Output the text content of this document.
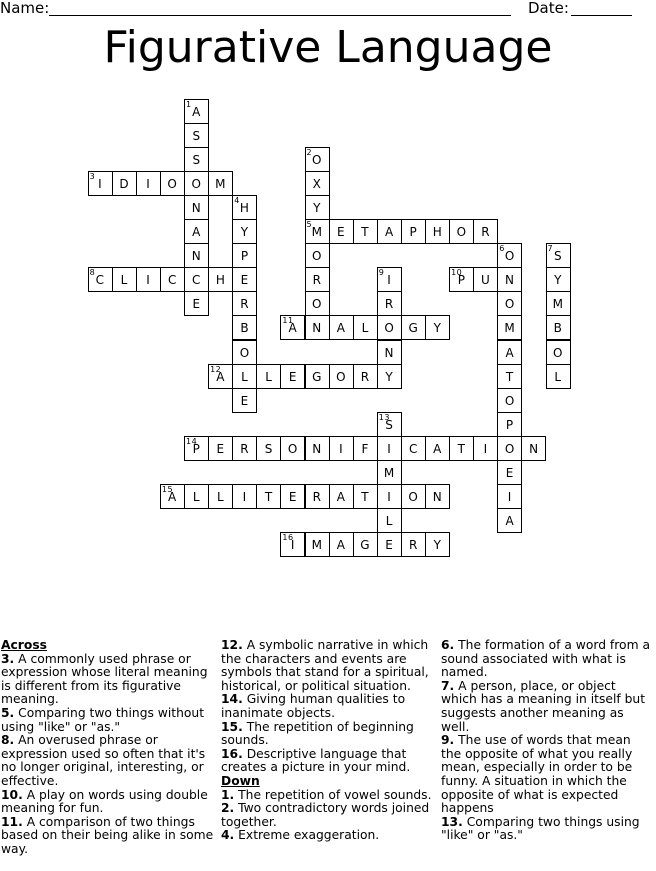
Name:	Date:
Figurative Language
A
1
S
S
O
N
A
N
C
E
O
2
X
Y
M
5
O
R
O
N
I
3
D	I	O	M
H
4
Y
P
E
R
B
O
L
E
E	T	A	P	H	O	R
O
6
N
O
M
A
T
O
P
O
E
I
A
S
7
Y
M
B
O
L
C
8
L	I	C	H	I
9
R
O
N
Y
P
10
U
A
11
A	L	G	Y
A
12
L	E	G	O	R
S
13
I
M
I
L
E
P
14
E	R	S	O	N	I	F	C	A	T	I	N
A
15
L	L	I	T	E	R	A	T	O	N
I
16
M	A	G	R	Y

Across

3. A commonly used phrase or expression whose literal meaning is different from its figurative meaning.

5. Comparing two things without using "like" or "as."

8. An overused phrase or expression used so often that it's no longer original, interesting, or effective.

10. A play on words using double meaning for fun.

11. A comparison of two things based on their being alike in some way.

12. A symbolic narrative in which the characters and events are symbols that stand for a spiritual, historical, or political situation.

14. Giving human qualities to inanimate objects.

15. The repetition of beginning sounds.

16. Descriptive language that creates a picture in your mind.

Down

1. The repetition of vowel sounds.

2. Two contradictory words joined together.

4. Extreme exaggeration.

6. The formation of a word from a sound associated with what is named.

7. A person, place, or object which has a meaning in itself but suggests another meaning as well.

9. The use of words that mean the opposite of what you really mean, especially in order to be funny. A situation in which the opposite of what is expected happens

13. Comparing two things using "like" or "as."
